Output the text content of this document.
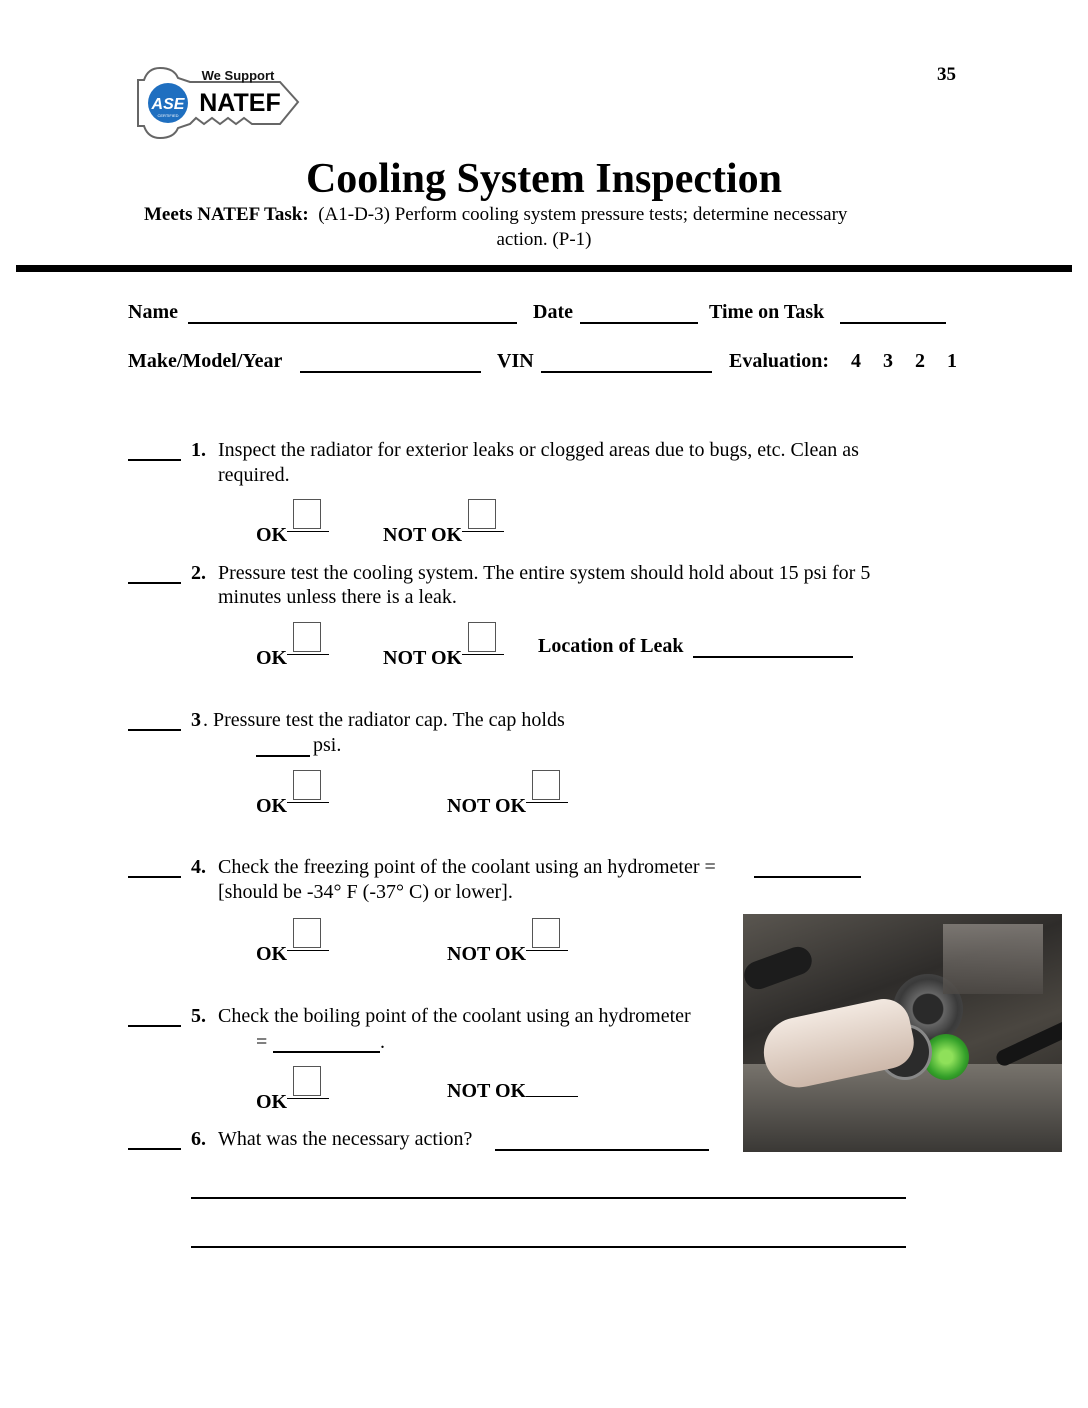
35
ASE
CERTIFIED
We Support
NATEF
Cooling System Inspection
Meets NATEF Task: (A1-D-3) Perform cooling system pressure tests; determine necessary
action. (P-1)
Name	Date	Time on Task
Make/Model/Year	VIN	Evaluation: 4 3 2 1
1. Inspect the radiator for exterior leaks or clogged areas due to bugs, etc. Clean as
required.
OK	NOT OK
2. Pressure test the cooling system. The entire system should hold about 15 psi for 5
minutes unless there is a leak.
OK	NOT OK
Location of Leak
3 . Pressure test the radiator cap. The cap holds
psi.
OK	NOT OK
4. Check the freezing point of the coolant using an hydrometer =
[should be -34° F (-37° C) or lower].
OK	NOT OK
5. Check the boiling point of the coolant using an hydrometer
=	.
OK	NOT OK
6. What was the necessary action?
